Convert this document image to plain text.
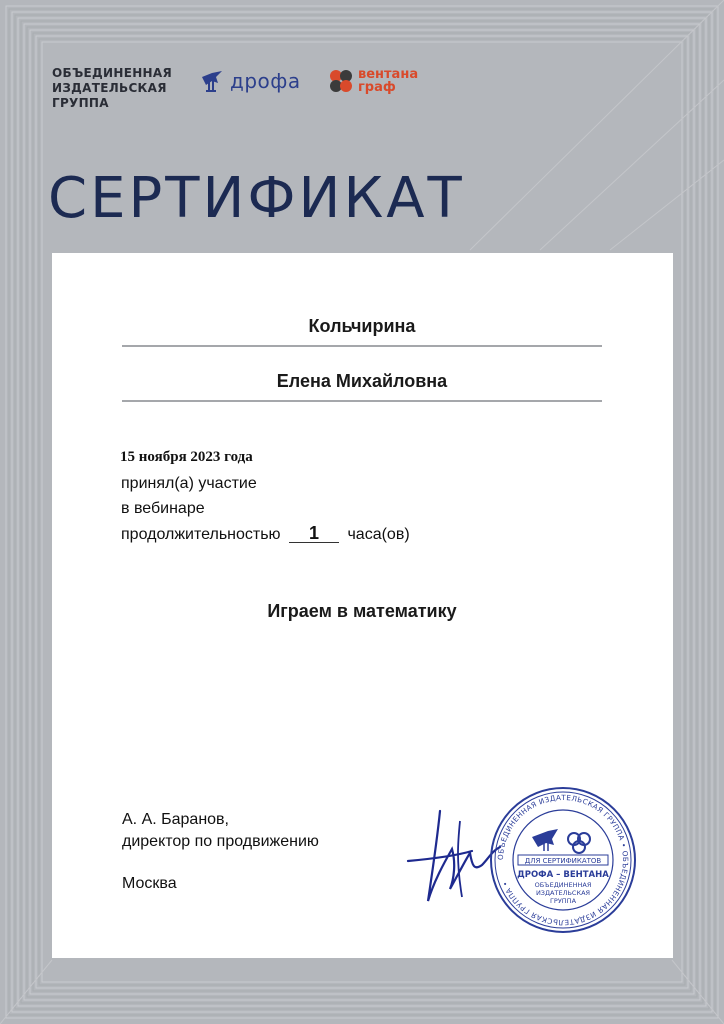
ОБЪЕДИНЕННАЯ
ИЗДАТЕЛЬСКАЯ
ГРУППА
дрофа	вентана
граф
СЕРТИФИКАТ
Кольчирина
Елена Михайловна
15 ноября 2023 года
принял(а) участие
в вебинаре
продолжительностью 1 часа(ов)
Играем в математику
А. А. Баранов,
директор по продвижению
Москва
ОБЪЕДИНЕННАЯ ИЗДАТЕЛЬСКАЯ ГРУППА • ОБЪЕДИНЕННАЯ ИЗДАТЕЛЬСКАЯ ГРУППА •
ДЛЯ СЕРТИФИКАТОВ
ДРОФА – ВЕНТАНА
ОБЪЕДИНЕННАЯ
ИЗДАТЕЛЬСКАЯ
ГРУППА
